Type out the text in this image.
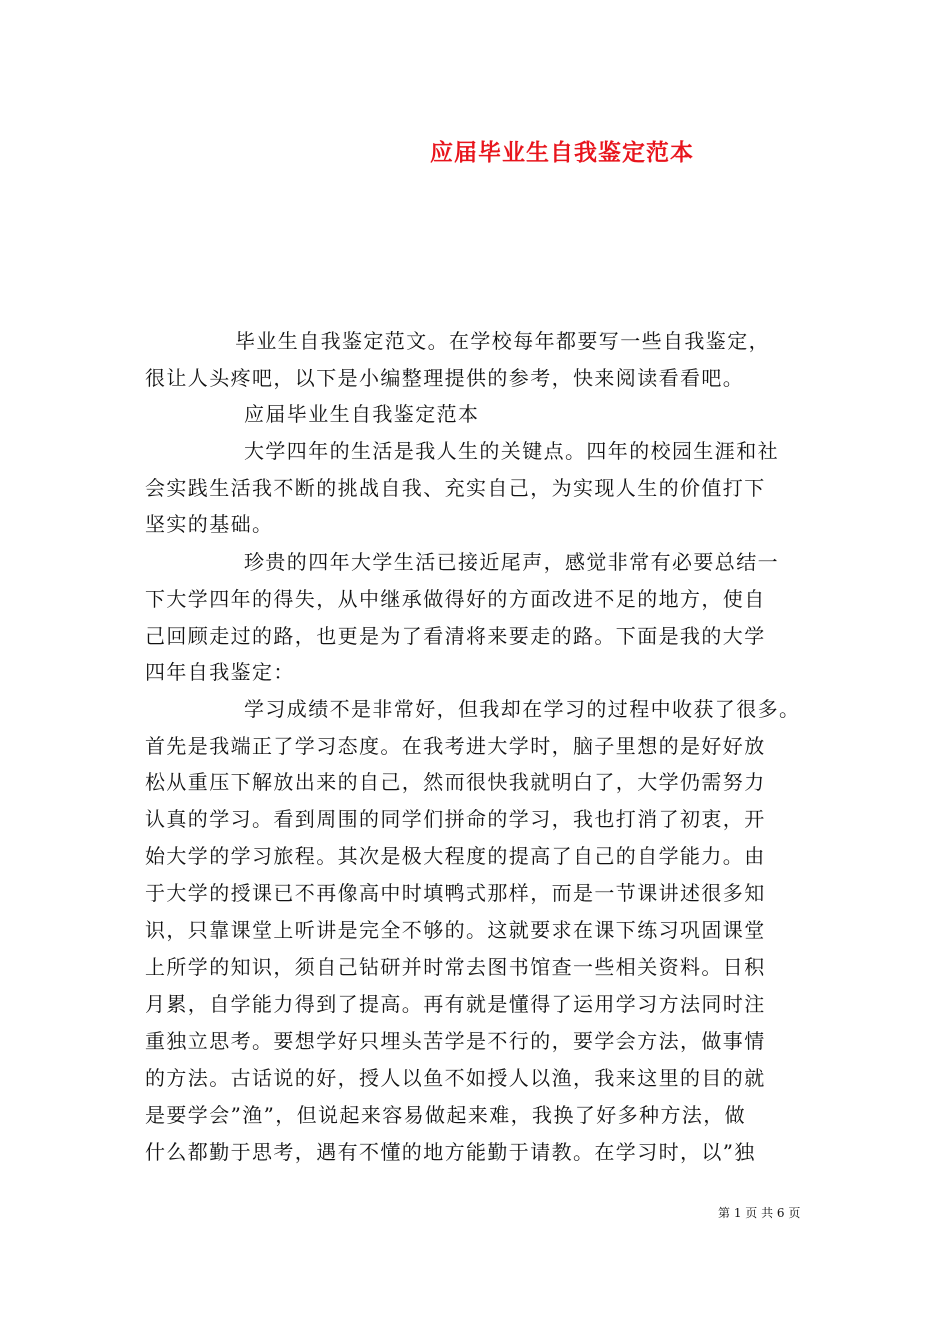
应届毕业生自我鉴定范本

毕业生自我鉴定范文。在学校每年都要写一些自我鉴定，

很让人头疼吧，以下是小编整理提供的参考，快来阅读看看吧。

应届毕业生自我鉴定范本

大学四年的生活是我人生的关键点。四年的校园生涯和社

会实践生活我不断的挑战自我、充实自己，为实现人生的价值打下

坚实的基础。

珍贵的四年大学生活已接近尾声，感觉非常有必要总结一

下大学四年的得失，从中继承做得好的方面改进不足的地方，使自

己回顾走过的路，也更是为了看清将来要走的路。下面是我的大学

四年自我鉴定：

学习成绩不是非常好，但我却在学习的过程中收获了很多。

首先是我端正了学习态度。在我考进大学时，脑子里想的是好好放

松从重压下解放出来的自己，然而很快我就明白了，大学仍需努力

认真的学习。看到周围的同学们拼命的学习，我也打消了初衷，开

始大学的学习旅程。其次是极大程度的提高了自己的自学能力。由

于大学的授课已不再像高中时填鸭式那样，而是一节课讲述很多知

识，只靠课堂上听讲是完全不够的。这就要求在课下练习巩固课堂

上所学的知识，须自己钻研并时常去图书馆查一些相关资料。日积

月累，自学能力得到了提高。再有就是懂得了运用学习方法同时注

重独立思考。要想学好只埋头苦学是不行的，要学会方法，做事情

的方法。古话说的好，授人以鱼不如授人以渔，我来这里的目的就

是要学会”渔”，但说起来容易做起来难，我换了好多种方法，做

什么都勤于思考，遇有不懂的地方能勤于请教。在学习时，以”独

第 1 页 共 6 页
